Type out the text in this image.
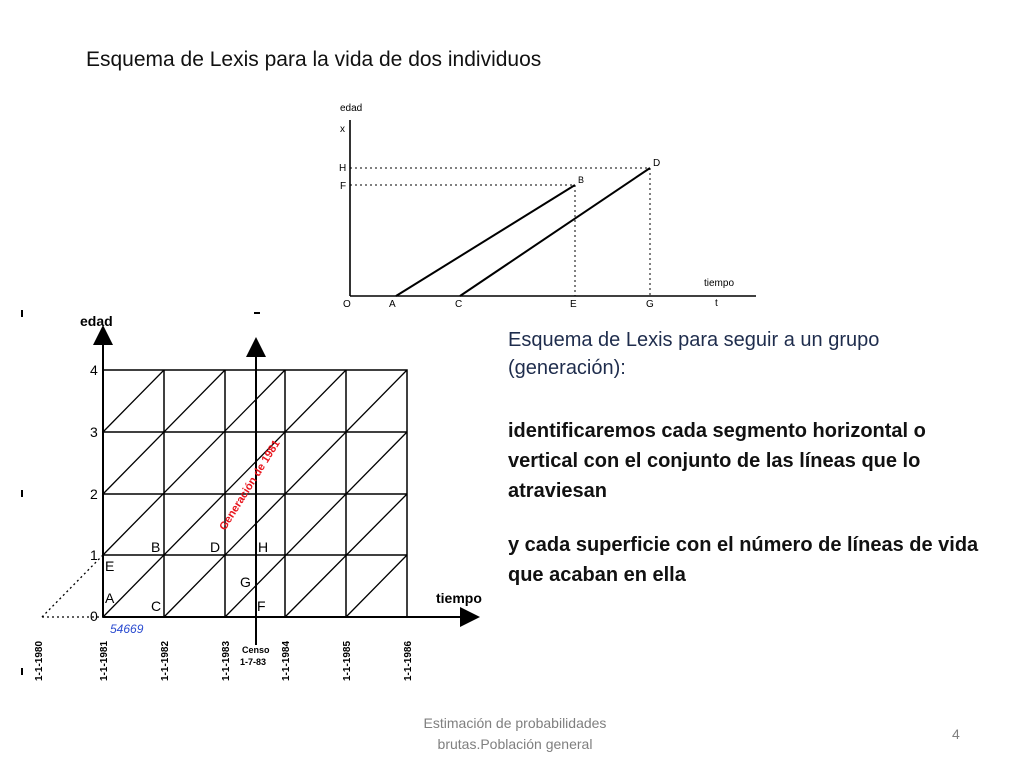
Esquema de Lexis para la vida de dos individuos
edad
x
H
F
O	A	C	E	G
B
D
tiempo
t
edad
tiempo
0
1
2
3
4
A
B
C
D
E
F
G
H
Generación de 1981
54669
Censo
1-7-83
1-1-1980	1-1-1981	1-1-1982	1-1-1983	1-1-1984	1-1-1985	1-1-1986
Esquema de Lexis para seguir a un grupo (generación):
identificaremos cada segmento horizontal o vertical con el conjunto de las líneas que lo atraviesan
y cada superficie con el número de líneas de vida que acaban en ella
Estimación de probabilidades brutas.Población general
4
